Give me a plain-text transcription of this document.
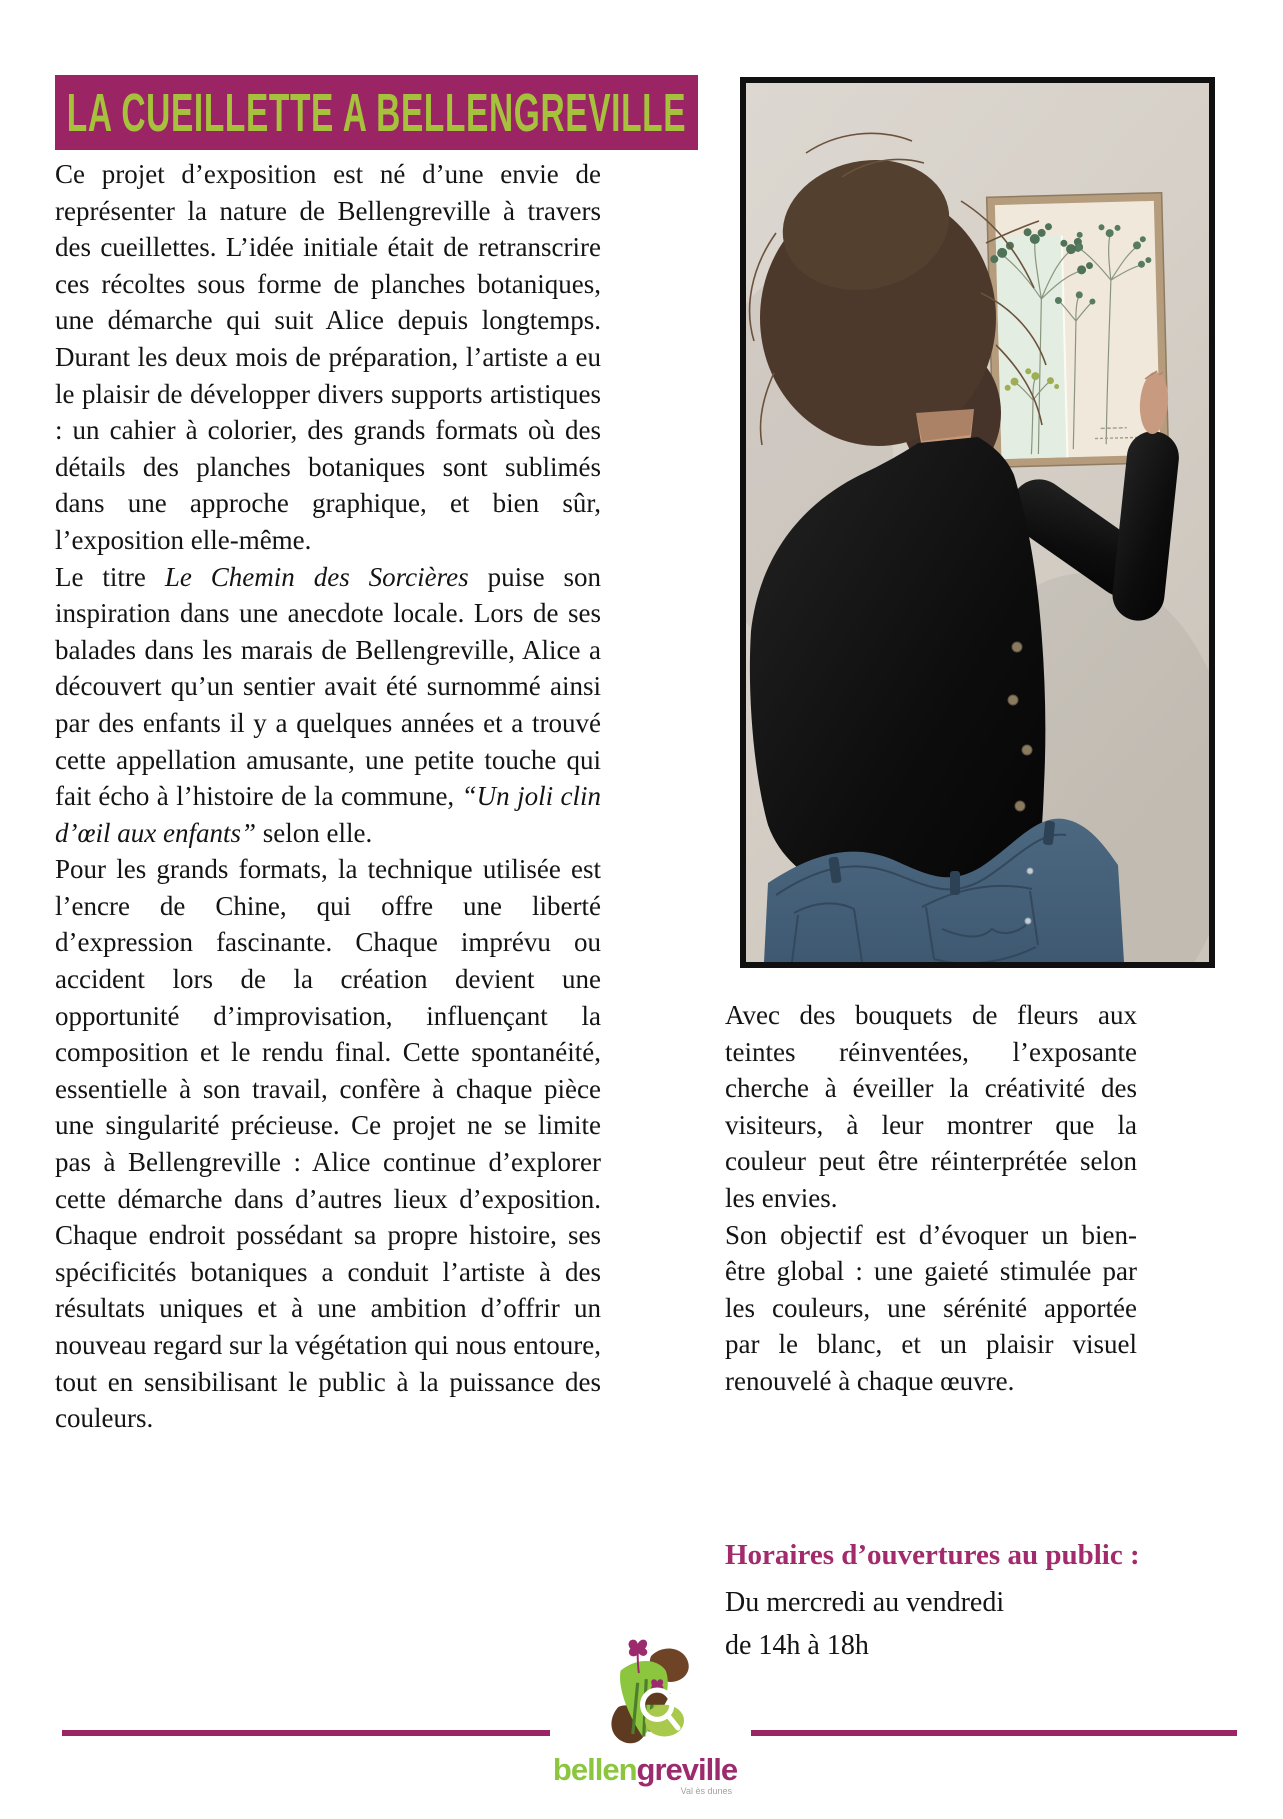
LA CUEILLETTE A BELLENGREVILLE

Ce projet d’exposition est né d’une envie de représenter la nature de Bellengreville à travers des cueillettes. L’idée initiale était de retranscrire ces récoltes sous forme de planches botaniques, une démarche qui suit Alice depuis longtemps. Durant les deux mois de préparation, l’artiste a eu le plaisir de développer divers supports artistiques : un cahier à colorier, des grands formats où des détails des planches botaniques sont sublimés dans une approche graphique, et bien sûr, l’exposition elle-même.

Le titre Le Chemin des Sorcières puise son inspiration dans une anecdote locale. Lors de ses balades dans les marais de Bellengreville, Alice a découvert qu’un sentier avait été surnommé ainsi par des enfants il y a quelques années et a trouvé cette appellation amusante, une petite touche qui fait écho à l’histoire de la commune, “Un joli clin d’œil aux enfants” selon elle.

Pour les grands formats, la technique utilisée est l’encre de Chine, qui offre une liberté d’expression fascinante. Chaque imprévu ou accident lors de la création devient une opportunité d’improvisation, influençant la composition et le rendu final. Cette spontanéité, essentielle à son travail, confère à chaque pièce une singularité précieuse. Ce projet ne se limite pas à Bellengreville : Alice continue d’explorer cette démarche dans d’autres lieux d’exposition. Chaque endroit possédant sa propre histoire, ses spécificités botaniques a conduit l’artiste à des résultats uniques et à une ambition d’offrir un nouveau regard sur la végétation qui nous entoure, tout en sensibilisant le public à la puissance des couleurs.

Avec des bouquets de fleurs aux teintes réinventées, l’exposante cherche à éveiller la créativité des visiteurs, à leur montrer que la couleur peut être réinterprétée selon les envies.

Son objectif est d’évoquer un bien-être global : une gaieté stimulée par les couleurs, une sérénité apportée par le blanc, et un plaisir visuel renouvelé à chaque œuvre.

Horaires d’ouvertures au public :

Du mercredi au vendredi

de 14h à 18h

bellengreville
Val ès dunes
